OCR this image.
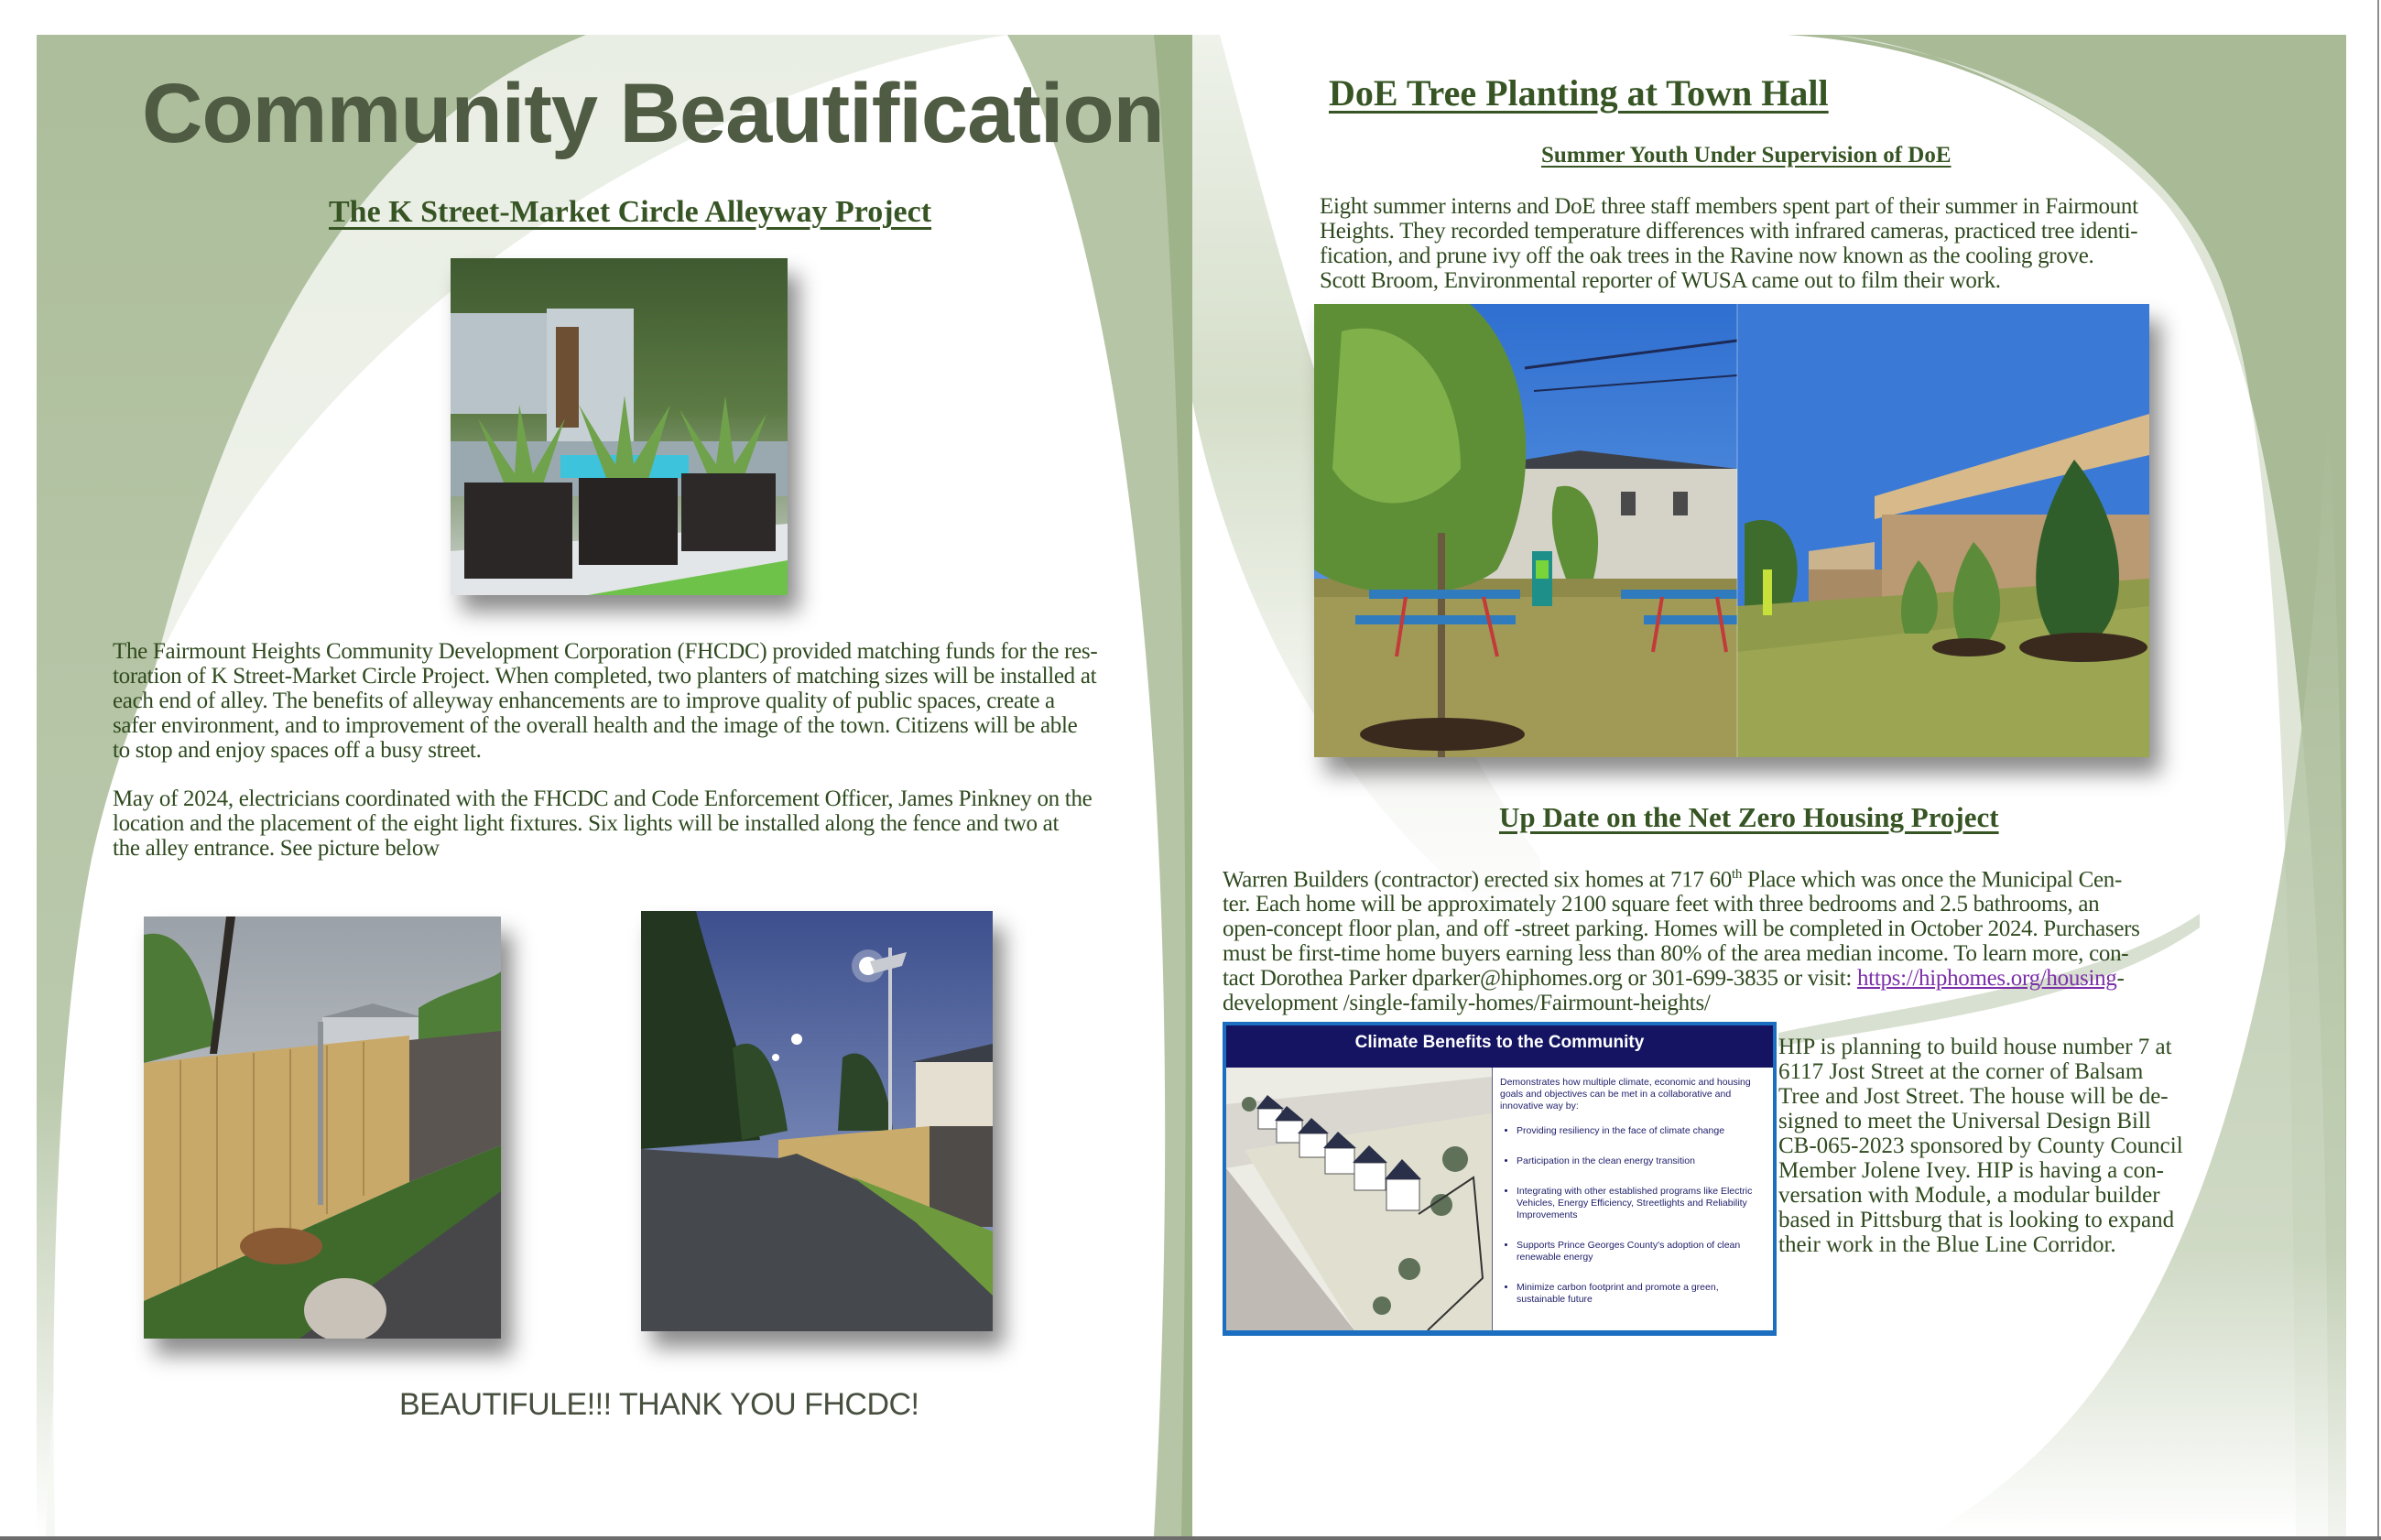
Community Beautification
The K Street-Market Circle Alleyway Project
The Fairmount Heights Community Development Corporation (FHCDC) provided matching funds for the res-
toration of K Street-Market Circle Project. When completed, two planters of matching sizes will be installed at
each end of alley. The benefits of alleyway enhancements are to improve quality of public spaces, create a
safer environment, and to improvement of the overall health and the image of the town. Citizens will be able
to stop and enjoy spaces off a busy street.
May of 2024, electricians coordinated with the FHCDC and Code Enforcement Officer, James Pinkney on the
location and the placement of the eight light fixtures. Six lights will be installed along the fence and two at
the alley entrance. See picture below
BEAUTIFULE!!! THANK YOU FHCDC!
DoE Tree Planting at Town Hall
Summer Youth Under Supervision of DoE
Eight summer interns and DoE three staff members spent part of their summer in Fairmount
Heights. They recorded temperature differences with infrared cameras, practiced tree identi-
fication, and prune ivy off the oak trees in the Ravine now known as the cooling grove.
Scott Broom, Environmental reporter of WUSA came out to film their work.
Up Date on the Net Zero Housing Project
Warren Builders (contractor) erected six homes at 717 60th Place which was once the Municipal Cen-
ter. Each home will be approximately 2100 square feet with three bedrooms and 2.5 bathrooms, an
open-concept floor plan, and off -street parking. Homes will be completed in October 2024. Purchasers
must be first-time home buyers earning less than 80% of the area median income. To learn more, con-
tact Dorothea Parker dparker@hiphomes.org or 301-699-3835 or visit: https://hiphomes.org/housing-
development /single-family-homes/Fairmount-heights/
Climate Benefits to the Community
Demonstrates how multiple climate, economic and housing goals and objectives can be met in a collaborative and innovative way by:
• Providing resiliency in the face of climate change
• Participation in the clean energy transition
• Integrating with other established programs like Electric Vehicles, Energy Efficiency, Streetlights and Reliability Improvements
• Supports Prince Georges County's adoption of clean renewable energy
• Minimize carbon footprint and promote a green, sustainable future
HIP is planning to build house number 7 at
6117 Jost Street at the corner of Balsam
Tree and Jost Street. The house will be de-
signed to meet the Universal Design Bill
CB-065-2023 sponsored by County Council
Member Jolene Ivey. HIP is having a con-
versation with Module, a modular builder
based in Pittsburg that is looking to expand
their work in the Blue Line Corridor.
